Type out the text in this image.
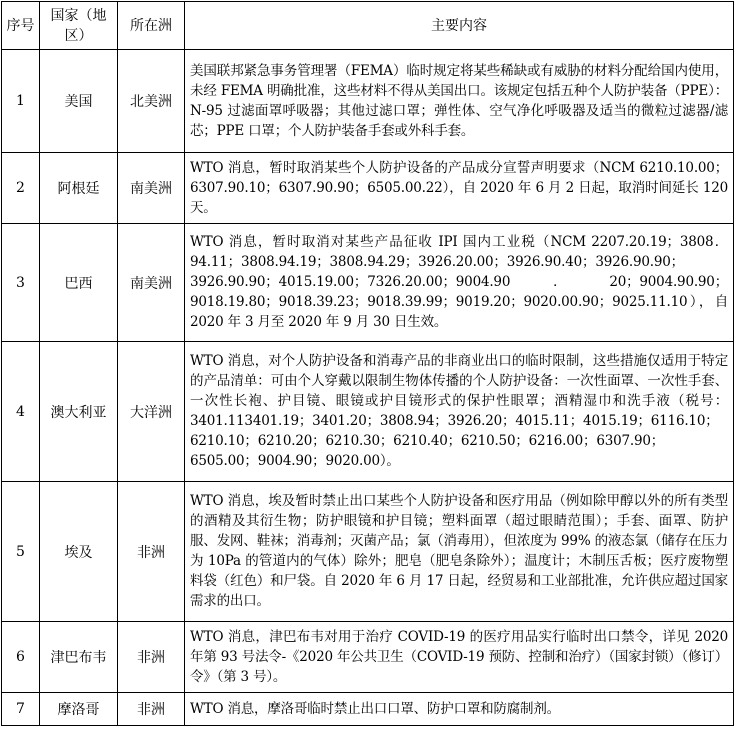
序号	国家（地区）	所在洲	主要内容
1	美国	北美洲	美国联邦紧急事务管理署（FEMA）临时规定将某些稀缺或有威胁的材料分配给国内使用，未经 FEMA 明确批准，这些材料不得从美国出口。该规定包括五种个人防护装备（PPE）：N-95 过滤面罩呼吸器；其他过滤口罩；弹性体、空气净化呼吸器及适当的微粒过滤器/滤芯；PPE 口罩；个人防护装备手套或外科手套。
2	阿根廷	南美洲	WTO 消息，暂时取消某些个人防护设备的产品成分宣誓声明要求（NCM 6210.10.00；6307.90.10；6307.90.90；6505.00.22），自 2020 年 6 月 2 日起，取消时间延长 120 天。
3	巴西	南美洲	WTO 消息，暂时取消对某些产品征收 IPI 国内工业税（NCM 2207.20.19；3808．94.11；3808.94.19；3808.94.29；3926.20.00；3926.90.40；3926.90.90；3926.90.90；4015.19.00；7326.20.00；9004.90．20；9004.90.90；9018.19.80；9018.39.23；9018.39.99；9019.20；9020.00.90；9025.11.10），自 2020 年 3 月至 2020 年 9 月 30 日生效。
4	澳大利亚	大洋洲	WTO 消息，对个人防护设备和消毒产品的非商业出口的临时限制，这些措施仅适用于特定的产品清单：可由个人穿戴以限制生物体传播的个人防护设备：一次性面罩、一次性手套、一次性长袍、护目镜、眼镜或护目镜形式的保护性眼罩；酒精湿巾和洗手液（税号：3401.113401.19；3401.20；3808.94；3926.20；4015.11；4015.19；6116.10；6210.10；6210.20；6210.30；6210.40；6210.50；6216.00；6307.90；6505.00；9004.90；9020.00）。
5	埃及	非洲	WTO 消息，埃及暂时禁止出口某些个人防护设备和医疗用品（例如除甲醇以外的所有类型的酒精及其衍生物；防护眼镜和护目镜；塑料面罩（超过眼睛范围）；手套、面罩、防护服、发网、鞋袜；消毒剂；灭菌产品；氯（消毒用），但浓度为 99% 的液态氯（储存在压力为 10Pa 的管道内的气体）除外；肥皂（肥皂条除外）；温度计；木制压舌板；医疗废物塑料袋（红色）和尸袋。自 2020 年 6 月 17 日起，经贸易和工业部批准，允许供应超过国家需求的出口。
6	津巴布韦	非洲	WTO 消息，津巴布韦对用于治疗 COVID-19 的医疗用品实行临时出口禁令，详见 2020 年第 93 号法令-《2020 年公共卫生（COVID-19 预防、控制和治疗）（国家封锁）（修订）令》（第 3 号）。
7	摩洛哥	非洲	WTO 消息，摩洛哥临时禁止出口口罩、防护口罩和防腐制剂。
